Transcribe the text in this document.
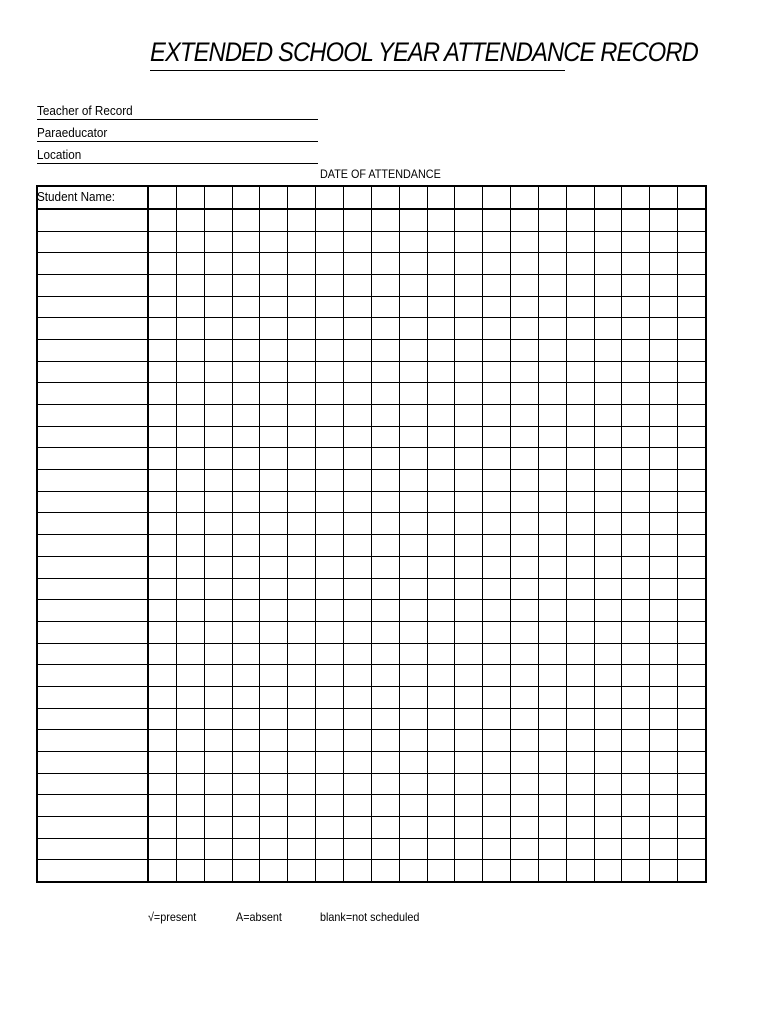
EXTENDED SCHOOL YEAR ATTENDANCE RECORD
Teacher of Record
Paraeducator
Location
DATE OF ATTENDANCE
Student Name:
√=present	A=absent	blank=not scheduled
